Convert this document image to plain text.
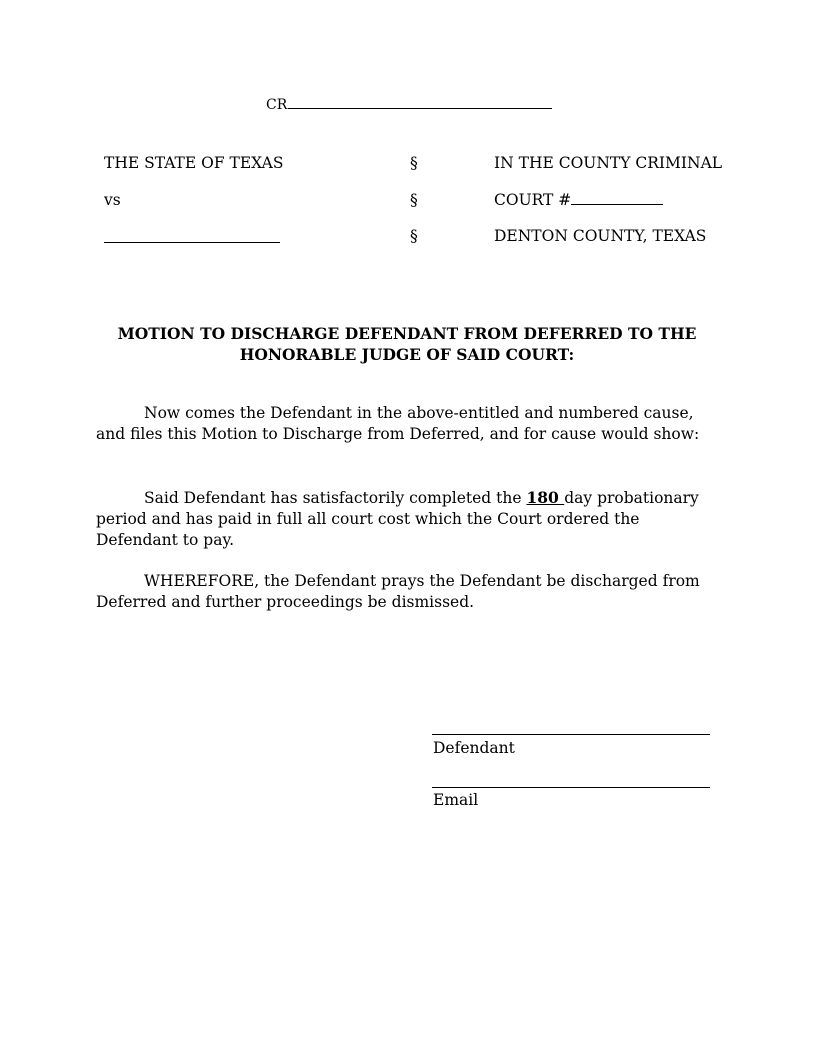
CR
THE STATE OF TEXAS
vs
§
§
§
IN THE COUNTY CRIMINAL
COURT #
DENTON COUNTY, TEXAS
MOTION TO DISCHARGE DEFENDANT FROM DEFERRED TO THE
HONORABLE JUDGE OF SAID COURT:
Now comes the Defendant in the above-entitled and numbered cause, and files this Motion to Discharge from Deferred, and for cause would show:
Said Defendant has satisfactorily completed the 180 day probationary period and has paid in full all court cost which the Court ordered the Defendant to pay.
WHEREFORE, the Defendant prays the Defendant be discharged from Deferred and further proceedings be dismissed.
Defendant
Email
